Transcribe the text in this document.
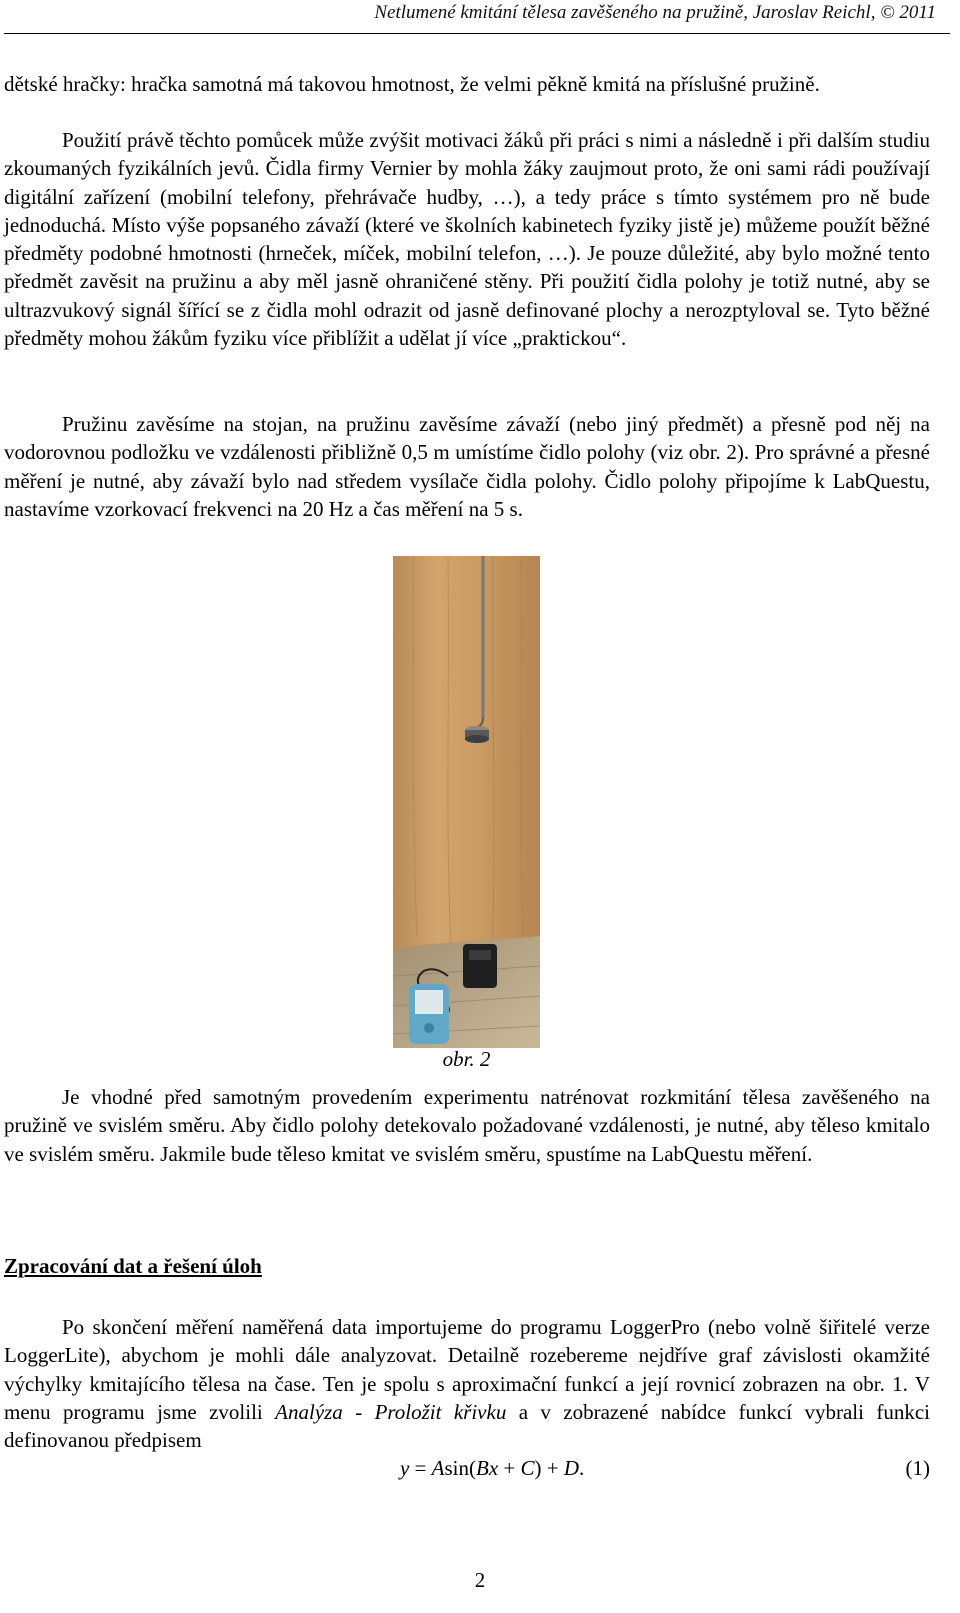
Netlumené kmitání tělesa zavěšeného na pružině, Jaroslav Reichl, © 2011

dětské hračky: hračka samotná má takovou hmotnost, že velmi pěkně kmitá na příslušné pružině.

Použití právě těchto pomůcek může zvýšit motivaci žáků při práci s nimi a následně i při dalším studiu zkoumaných fyzikálních jevů. Čidla firmy Vernier by mohla žáky zaujmout proto, že oni sami rádi používají digitální zařízení (mobilní telefony, přehrávače hudby, …), a tedy práce s tímto systémem pro ně bude jednoduchá. Místo výše popsaného závaží (které ve školních kabinetech fyziky jistě je) můžeme použít běžné předměty podobné hmotnosti (hrneček, míček, mobilní telefon, …). Je pouze důležité, aby bylo možné tento předmět zavěsit na pružinu a aby měl jasně ohraničené stěny. Při použití čidla polohy je totiž nutné, aby se ultrazvukový signál šířící se z čidla mohl odrazit od jasně definované plochy a nerozptyloval se. Tyto běžné předměty mohou žákům fyziku více přiblížit a udělat jí více „praktickou“.

Pružinu zavěsíme na stojan, na pružinu zavěsíme závaží (nebo jiný předmět) a přesně pod něj na vodorovnou podložku ve vzdálenosti přibližně 0,5 m umístíme čidlo polohy (viz obr. 2). Pro správné a přesné měření je nutné, aby závaží bylo nad středem vysílače čidla polohy. Čidlo polohy připojíme k LabQuestu, nastavíme vzorkovací frekvenci na 20 Hz a čas měření na 5 s.

obr. 2

Je vhodné před samotným provedením experimentu natrénovat rozkmitání tělesa zavěšeného na pružině ve svislém směru. Aby čidlo polohy detekovalo požadované vzdálenosti, je nutné, aby těleso kmitalo ve svislém směru. Jakmile bude těleso kmitat ve svislém směru, spustíme na LabQuestu měření.

Zpracování dat a řešení úloh

Po skončení měření naměřená data importujeme do programu LoggerPro (nebo volně šiřitelé verze LoggerLite), abychom je mohli dále analyzovat. Detailně rozebereme nejdříve graf závislosti okamžité výchylky kmitajícího tělesa na čase. Ten je spolu s aproximační funkcí a její rovnicí zobrazen na obr. 1. V menu programu jsme zvolili Analýza - Proložit křivku a v zobrazené nabídce funkcí vybrali funkci definovanou předpisem

y = Asin(Bx + C) + D.	(1)
2
